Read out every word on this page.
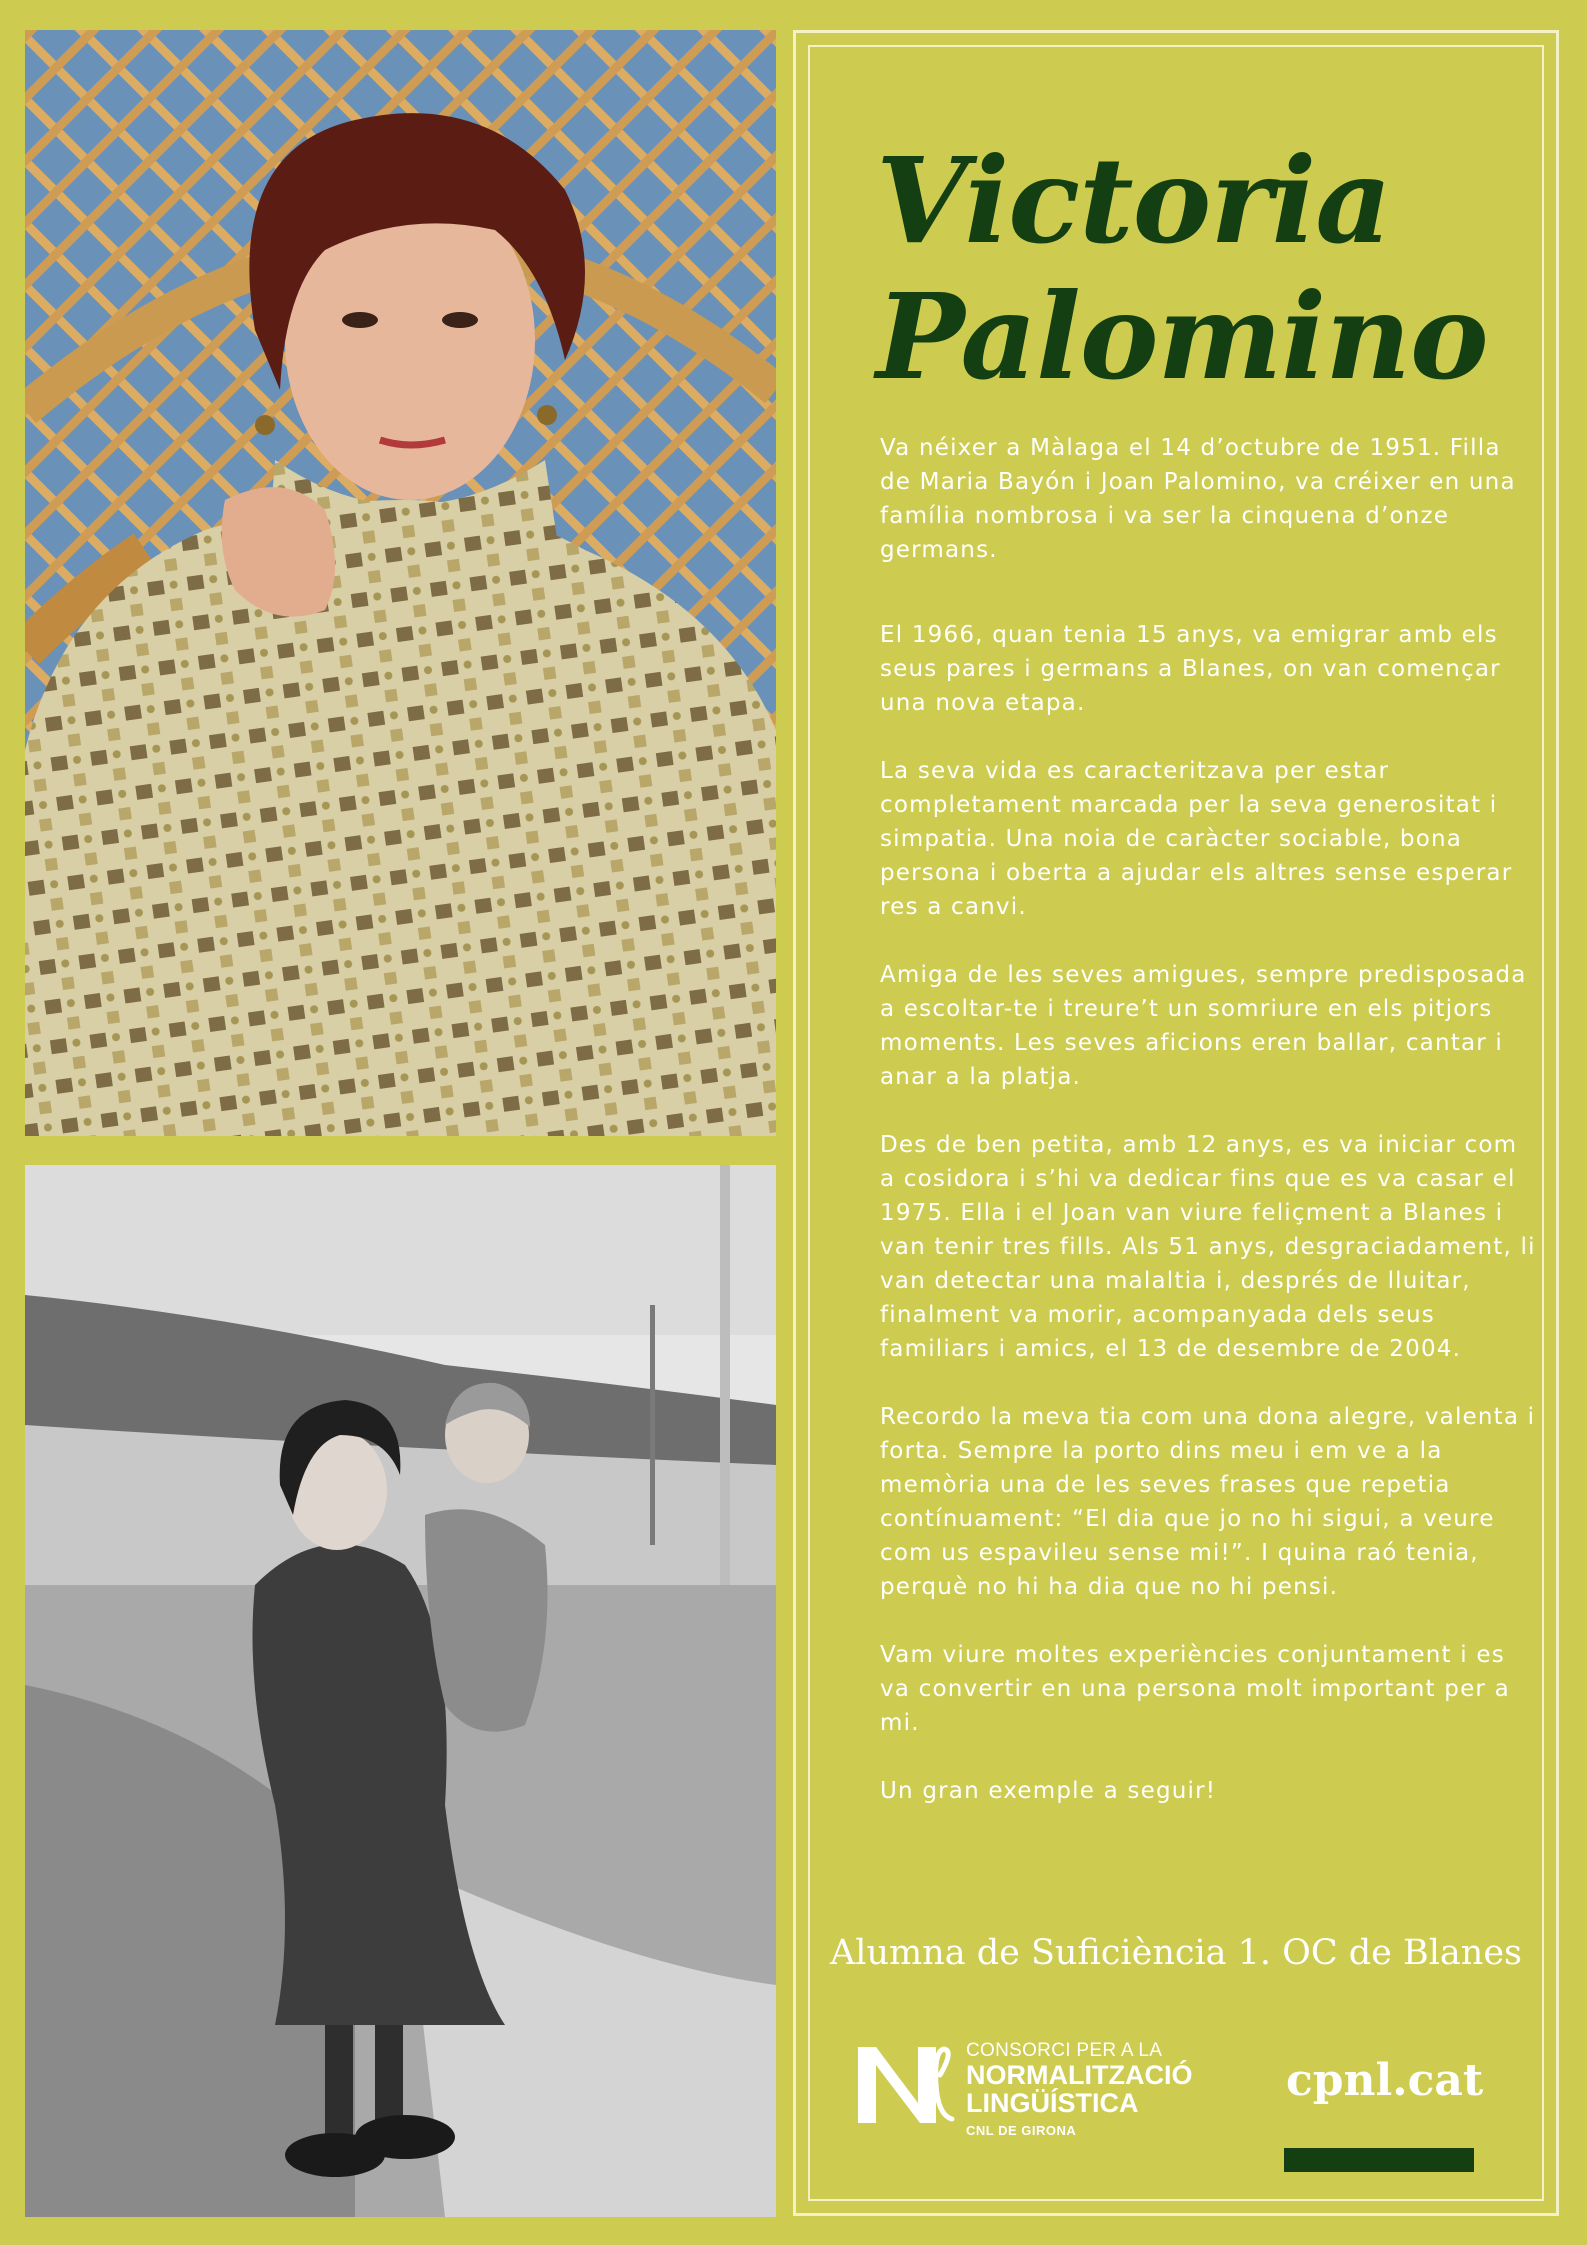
Victoria
Palomino

Va néixer a Màlaga el 14 d’octubre de 1951. Filla de Maria Bayón i Joan Palomino, va créixer en una família nombrosa i va ser la cinquena d’onze germans.

El 1966, quan tenia 15 anys, va emigrar amb els seus pares i germans a Blanes, on van començar una nova etapa.

La seva vida es caracteritzava per estar completament marcada per la seva generositat i simpatia. Una noia de caràcter sociable, bona persona i oberta a ajudar els altres sense esperar res a canvi.

Amiga de les seves amigues, sempre predisposada a escoltar-te i treure’t un somriure en els pitjors moments. Les seves aficions eren ballar, cantar i anar a la platja.

Des de ben petita, amb 12 anys, es va iniciar com a cosidora i s’hi va dedicar fins que es va casar el 1975. Ella i el Joan van viure feliçment a Blanes i van tenir tres fills. Als 51 anys, desgraciadament, li van detectar una malaltia i, després de lluitar, finalment va morir, acompanyada dels seus familiars i amics, el 13 de desembre de 2004.

Recordo la meva tia com una dona alegre, valenta i forta. Sempre la porto dins meu i em ve a la memòria una de les seves frases que repetia contínuament: “El dia que jo no hi sigui, a veure com us espavileu sense mi!”. I quina raó tenia, perquè no hi ha dia que no hi pensi.

Vam viure moltes experiències conjuntament i es va convertir en una persona molt important per a mi.

Un gran exemple a seguir!

Alumna de Suficiència 1. OC de Blanes
CONSORCI PER A LA
NORMALITZACIÓ
LINGÜÍSTICA
CNL DE GIRONA
cpnl.cat
